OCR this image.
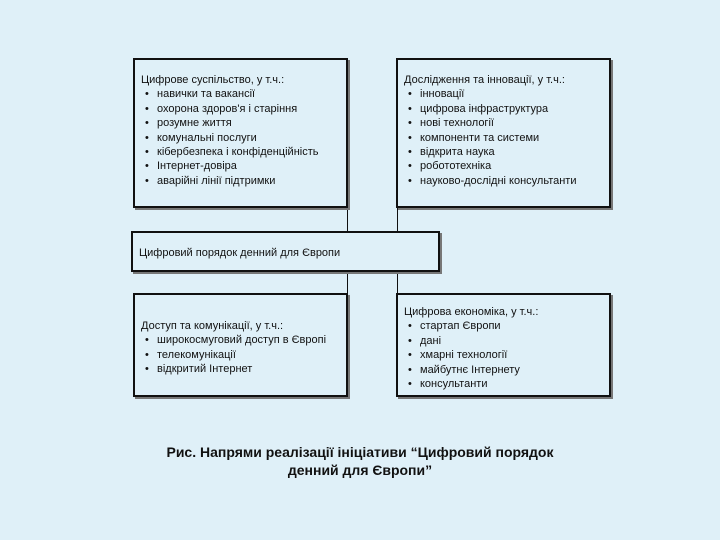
Цифрове суспільство, у т.ч.:
• навички та вакансії
• охорона здоров'я і старіння
• розумне життя
• комунальні послуги
• кібербезпека і конфіденційність
• Інтернет-довіра
• аварійні лінії підтримки
Дослідження та інновації, у т.ч.:
• інновації
• цифрова інфраструктура
• нові технології
• компоненти та системи
• відкрита наука
• робототехніка
• науково-дослідні консультанти
Цифровий порядок денний для Європи
Доступ та комунікації, у т.ч.:
• широкосмуговий доступ в Європі
• телекомунікації
• відкритий Інтернет
Цифрова економіка, у т.ч.:
• стартап Європи
• дані
• хмарні технології
• майбутнє Інтернету
• консультанти
Рис. Напрями реалізації ініціативи “Цифровий порядок
денний для Європи”
